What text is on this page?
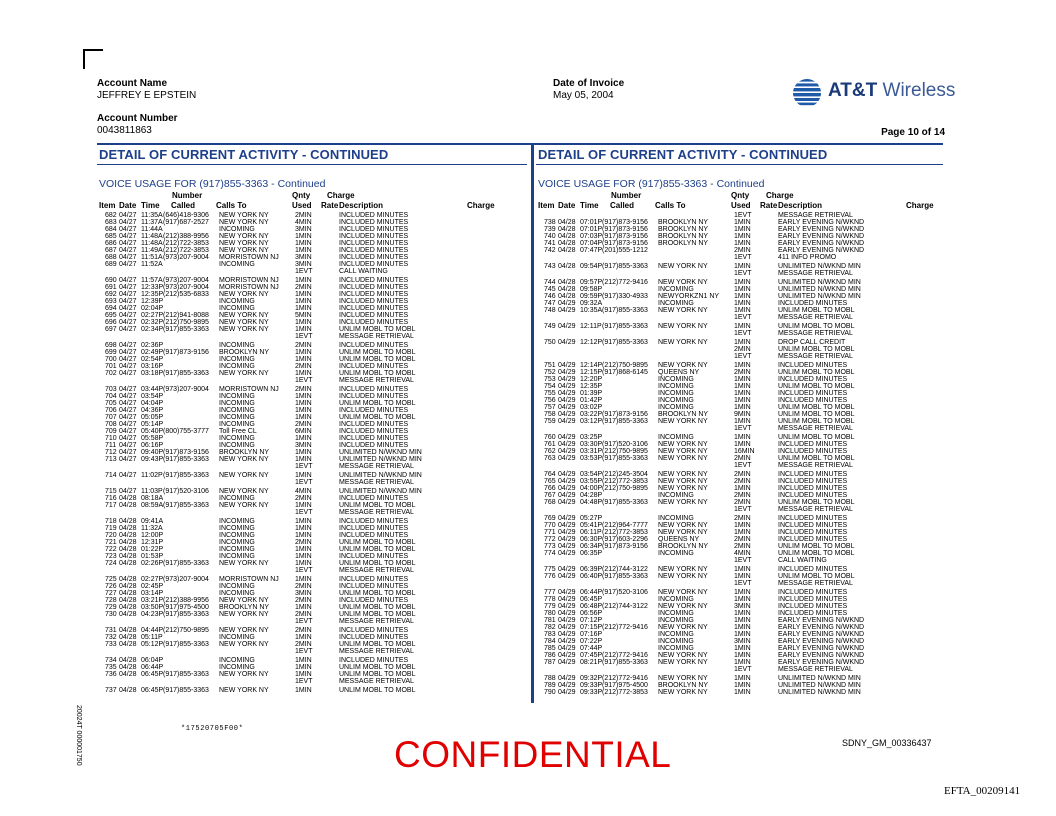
Account Name
JEFFREY E EPSTEIN
Account Number
0043811863
Date of Invoice
May 05, 2004	AT&T Wireless
Page 10 of 14
DETAIL OF CURRENT ACTIVITY - CONTINUED	DETAIL OF CURRENT ACTIVITY - CONTINUED
VOICE USAGE FOR (917)855-3363 - Continued	VOICE USAGE FOR (917)855-3363 - Continued
Number	Qnty Charge
Item Date Time Called	Calls To	Used Rate Description	Charge
682 04/27 11:35A (646)418-9306 NEW YORK NY	2MIN	INCLUDED MINUTES
683 04/27 11:37A (917)687-2527 NEW YORK NY	4MIN	INCLUDED MINUTES
684 04/27 11:44A	INCOMING	3MIN	INCLUDED MINUTES
685 04/27 11:48A (212)388-9956 NEW YORK NY	1MIN	INCLUDED MINUTES
686 04/27 11:48A (212)722-3853 NEW YORK NY	1MIN	INCLUDED MINUTES
687 04/27 11:49A (212)722-3853 NEW YORK NY	1MIN	INCLUDED MINUTES
688 04/27 11:51A (973)207-9004 MORRISTOWN NJ 3MIN	INCLUDED MINUTES
689 04/27 11:52A	INCOMING	3MIN	INCLUDED MINUTES
1EVT	CALL WAITING
690 04/27 11:57A (973)207-9004 MORRISTOWN NJ 1MIN	INCLUDED MINUTES
691 04/27 12:33P (973)207-9004 MORRISTOWN NJ 2MIN	INCLUDED MINUTES
692 04/27 12:35P (212)535-6833 NEW YORK NY	1MIN	INCLUDED MINUTES
693 04/27 12:39P	INCOMING	1MIN	INCLUDED MINUTES
694 04/27 02:04P	INCOMING	1MIN	INCLUDED MINUTES
695 04/27 02:27P (212)941-8088 NEW YORK NY	5MIN	INCLUDED MINUTES
696 04/27 02:32P (212)750-9895 NEW YORK NY	1MIN	INCLUDED MINUTES
697 04/27 02:34P (917)855-3363 NEW YORK NY	1MIN	UNLIM MOBL TO MOBL
1EVT	MESSAGE RETRIEVAL
698 04/27 02:36P	INCOMING	2MIN	INCLUDED MINUTES
699 04/27 02:49P (917)873-9156 BROOKLYN NY	1MIN	UNLIM MOBL TO MOBL
700 04/27 02:54P	INCOMING	1MIN	UNLIM MOBL TO MOBL
701 04/27 03:16P	INCOMING	2MIN	INCLUDED MINUTES
702 04/27 03:18P (917)855-3363 NEW YORK NY	1MIN	UNLIM MOBL TO MOBL
1EVT	MESSAGE RETRIEVAL
703 04/27 03:44P (973)207-9004 MORRISTOWN NJ 2MIN	INCLUDED MINUTES
704 04/27 03:54P	INCOMING	1MIN	INCLUDED MINUTES
705 04/27 04:04P	INCOMING	1MIN	UNLIM MOBL TO MOBL
706 04/27 04:36P	INCOMING	1MIN	INCLUDED MINUTES
707 04/27 05:05P	INCOMING	1MIN	UNLIM MOBL TO MOBL
708 04/27 05:14P	INCOMING	2MIN	INCLUDED MINUTES
709 04/27 05:40P (800)755-3777 Toll Free CL	6MIN	INCLUDED MINUTES
710 04/27 05:58P	INCOMING	1MIN	INCLUDED MINUTES
711 04/27 06:16P	INCOMING	3MIN	INCLUDED MINUTES
712 04/27 09:40P (917)873-9156 BROOKLYN NY	1MIN	UNLIMITED N/WKND MIN
713 04/27 09:43P (917)855-3363 NEW YORK NY	1MIN	UNLIMITED N/WKND MIN
1EVT	MESSAGE RETRIEVAL
714 04/27 11:02P (917)855-3363 NEW YORK NY	1MIN	UNLIMITED N/WKND MIN
1EVT	MESSAGE RETRIEVAL
715 04/27 11:03P (917)520-3106 NEW YORK NY	4MIN	UNLIMITED N/WKND MIN
716 04/28 08:18A	INCOMING	2MIN	INCLUDED MINUTES
717 04/28 08:59A (917)855-3363 NEW YORK NY	1MIN	UNLIM MOBL TO MOBL
1EVT	MESSAGE RETRIEVAL
718 04/28 09:41A	INCOMING	1MIN	INCLUDED MINUTES
719 04/28 11:32A	INCOMING	1MIN	INCLUDED MINUTES
720 04/28 12:00P	INCOMING	1MIN	INCLUDED MINUTES
721 04/28 12:31P	INCOMING	2MIN	UNLIM MOBL TO MOBL
722 04/28 01:22P	INCOMING	1MIN	UNLIM MOBL TO MOBL
723 04/28 01:53P	INCOMING	1MIN	INCLUDED MINUTES
724 04/28 02:26P (917)855-3363 NEW YORK NY	1MIN	UNLIM MOBL TO MOBL
1EVT	MESSAGE RETRIEVAL
725 04/28 02:27P (973)207-9004 MORRISTOWN NJ 1MIN	INCLUDED MINUTES
726 04/28 02:45P	INCOMING	2MIN	INCLUDED MINUTES
727 04/28 03:14P	INCOMING	3MIN	UNLIM MOBL TO MOBL
728 04/28 03:21P (212)388-9956 NEW YORK NY	2MIN	INCLUDED MINUTES
729 04/28 03:50P (917)975-4500 BROOKLYN NY	1MIN	UNLIM MOBL TO MOBL
730 04/28 04:23P (917)855-3363 NEW YORK NY	2MIN	UNLIM MOBL TO MOBL
1EVT	MESSAGE RETRIEVAL
731 04/28 04:44P (212)750-9895 NEW YORK NY	2MIN	INCLUDED MINUTES
732 04/28 05:11P	INCOMING	1MIN	INCLUDED MINUTES
733 04/28 05:12P (917)855-3363 NEW YORK NY	2MIN	UNLIM MOBL TO MOBL
1EVT	MESSAGE RETRIEVAL
734 04/28 06:04P	INCOMING	1MIN	INCLUDED MINUTES
735 04/28 06:44P	INCOMING	1MIN	UNLIM MOBL TO MOBL
736 04/28 06:45P (917)855-3363 NEW YORK NY	1MIN	UNLIM MOBL TO MOBL
1EVT	MESSAGE RETRIEVAL
737 04/28 06:45P (917)855-3363 NEW YORK NY	1MIN	UNLIM MOBL TO MOBL
Number	Qnty Charge
Item Date Time Called	Calls To	Used Rate Description	Charge
1EVT	MESSAGE RETRIEVAL
738 04/28 07:01P (917)873-9156 BROOKLYN NY	1MIN	EARLY EVENING N/WKND
739 04/28 07:01P (917)873-9156 BROOKLYN NY	1MIN	EARLY EVENING N/WKND
740 04/28 07:03P (917)873-9156 BROOKLYN NY	1MIN	EARLY EVENING N/WKND
741 04/28 07:04P (917)873-9156 BROOKLYN NY	1MIN	EARLY EVENING N/WKND
742 04/28 07:47P (201)555-1212	2MIN	EARLY EVENING N/WKND
1EVT	411 INFO PROMO
743 04/28 09:54P (917)855-3363 NEW YORK NY	1MIN	UNLIMITED N/WKND MIN
1EVT	MESSAGE RETRIEVAL
744 04/28 09:57P (212)772-9416 NEW YORK NY	1MIN	UNLIMITED N/WKND MIN
745 04/28 09:58P	INCOMING	1MIN	UNLIMITED N/WKND MIN
746 04/28 09:59P (917)330-4933 NEWYORKZN1 NY 1MIN	UNLIMITED N/WKND MIN
747 04/29 09:32A	INCOMING	1MIN	INCLUDED MINUTES
748 04/29 10:35A (917)855-3363 NEW YORK NY	1MIN	UNLIM MOBL TO MOBL
1EVT	MESSAGE RETRIEVAL
749 04/29 12:11P (917)855-3363 NEW YORK NY	1MIN	UNLIM MOBL TO MOBL
1EVT	MESSAGE RETRIEVAL
750 04/29 12:12P (917)855-3363 NEW YORK NY	1MIN	DROP CALL CREDIT
2MIN	UNLIM MOBL TO MOBL
1EVT	MESSAGE RETRIEVAL
751 04/29 12:14P (212)750-9895 NEW YORK NY	1MIN	INCLUDED MINUTES
752 04/29 12:15P (917)868-6145 QUEENS NY	2MIN	UNLIM MOBL TO MOBL
753 04/29 12:20P	INCOMING	1MIN	INCLUDED MINUTES
754 04/29 12:35P	INCOMING	1MIN	UNLIM MOBL TO MOBL
755 04/29 01:39P	INCOMING	1MIN	INCLUDED MINUTES
756 04/29 01:42P	INCOMING	1MIN	INCLUDED MINUTES
757 04/29 03:02P	INCOMING	1MIN	UNLIM MOBL TO MOBL
758 04/29 03:22P (917)873-9156 BROOKLYN NY	9MIN	UNLIM MOBL TO MOBL
759 04/29 03:12P (917)855-3363 NEW YORK NY	1MIN	UNLIM MOBL TO MOBL
1EVT	MESSAGE RETRIEVAL
760 04/29 03:25P	INCOMING	1MIN	UNLIM MOBL TO MOBL
761 04/29 03:30P (917)520-3106 NEW YORK NY	1MIN	INCLUDED MINUTES
762 04/29 03:31P (212)750-9895 NEW YORK NY	16MIN	INCLUDED MINUTES
763 04/29 03:53P (917)855-3363 NEW YORK NY	2MIN	UNLIM MOBL TO MOBL
1EVT	MESSAGE RETRIEVAL
764 04/29 03:54P (212)245-3504 NEW YORK NY	2MIN	INCLUDED MINUTES
765 04/29 03:55P (212)772-3853 NEW YORK NY	2MIN	INCLUDED MINUTES
766 04/29 04:00P (212)750-9895 NEW YORK NY	1MIN	INCLUDED MINUTES
767 04/29 04:28P	INCOMING	2MIN	INCLUDED MINUTES
768 04/29 04:48P (917)855-3363 NEW YORK NY	2MIN	UNLIM MOBL TO MOBL
1EVT	MESSAGE RETRIEVAL
769 04/29 05:27P	INCOMING	2MIN	INCLUDED MINUTES
770 04/29 05:41P (212)964-7777 NEW YORK NY	1MIN	INCLUDED MINUTES
771 04/29 06:11P (212)772-3853 NEW YORK NY	1MIN	INCLUDED MINUTES
772 04/29 06:30P (917)603-2296 QUEENS NY	2MIN	INCLUDED MINUTES
773 04/29 06:34P (917)873-9156 BROOKLYN NY	2MIN	UNLIM MOBL TO MOBL
774 04/29 06:35P	INCOMING	4MIN	UNLIM MOBL TO MOBL
1EVT	CALL WAITING
775 04/29 06:39P (212)744-3122 NEW YORK NY	1MIN	INCLUDED MINUTES
776 04/29 06:40P (917)855-3363 NEW YORK NY	1MIN	UNLIM MOBL TO MOBL
1EVT	MESSAGE RETRIEVAL
777 04/29 06:44P (917)520-3106 NEW YORK NY	1MIN	INCLUDED MINUTES
778 04/29 06:45P	INCOMING	1MIN	INCLUDED MINUTES
779 04/29 06:48P (212)744-3122 NEW YORK NY	3MIN	INCLUDED MINUTES
780 04/29 06:56P	INCOMING	1MIN	INCLUDED MINUTES
781 04/29 07:12P	INCOMING	1MIN	EARLY EVENING N/WKND
782 04/29 07:15P (212)772-9416 NEW YORK NY	1MIN	EARLY EVENING N/WKND
783 04/29 07:16P	INCOMING	1MIN	EARLY EVENING N/WKND
784 04/29 07:22P	INCOMING	3MIN	EARLY EVENING N/WKND
785 04/29 07:44P	INCOMING	1MIN	EARLY EVENING N/WKND
786 04/29 07:45P (212)772-9416 NEW YORK NY	1MIN	EARLY EVENING N/WKND
787 04/29 08:21P (917)855-3363 NEW YORK NY	1MIN	EARLY EVENING N/WKND
1EVT	MESSAGE RETRIEVAL
788 04/29 09:32P (212)772-9416 NEW YORK NY	1MIN	UNLIMITED N/WKND MIN
789 04/29 09:33P (917)975-4500 BROOKLYN NY	1MIN	UNLIMITED N/WKND MIN
790 04/29 09:33P (212)772-3853 NEW YORK NY	1MIN	UNLIMITED N/WKND MIN
20024T 000001750	*17520705F00*
CONFIDENTIAL	SDNY_GM_00336437
EFTA_00209141
